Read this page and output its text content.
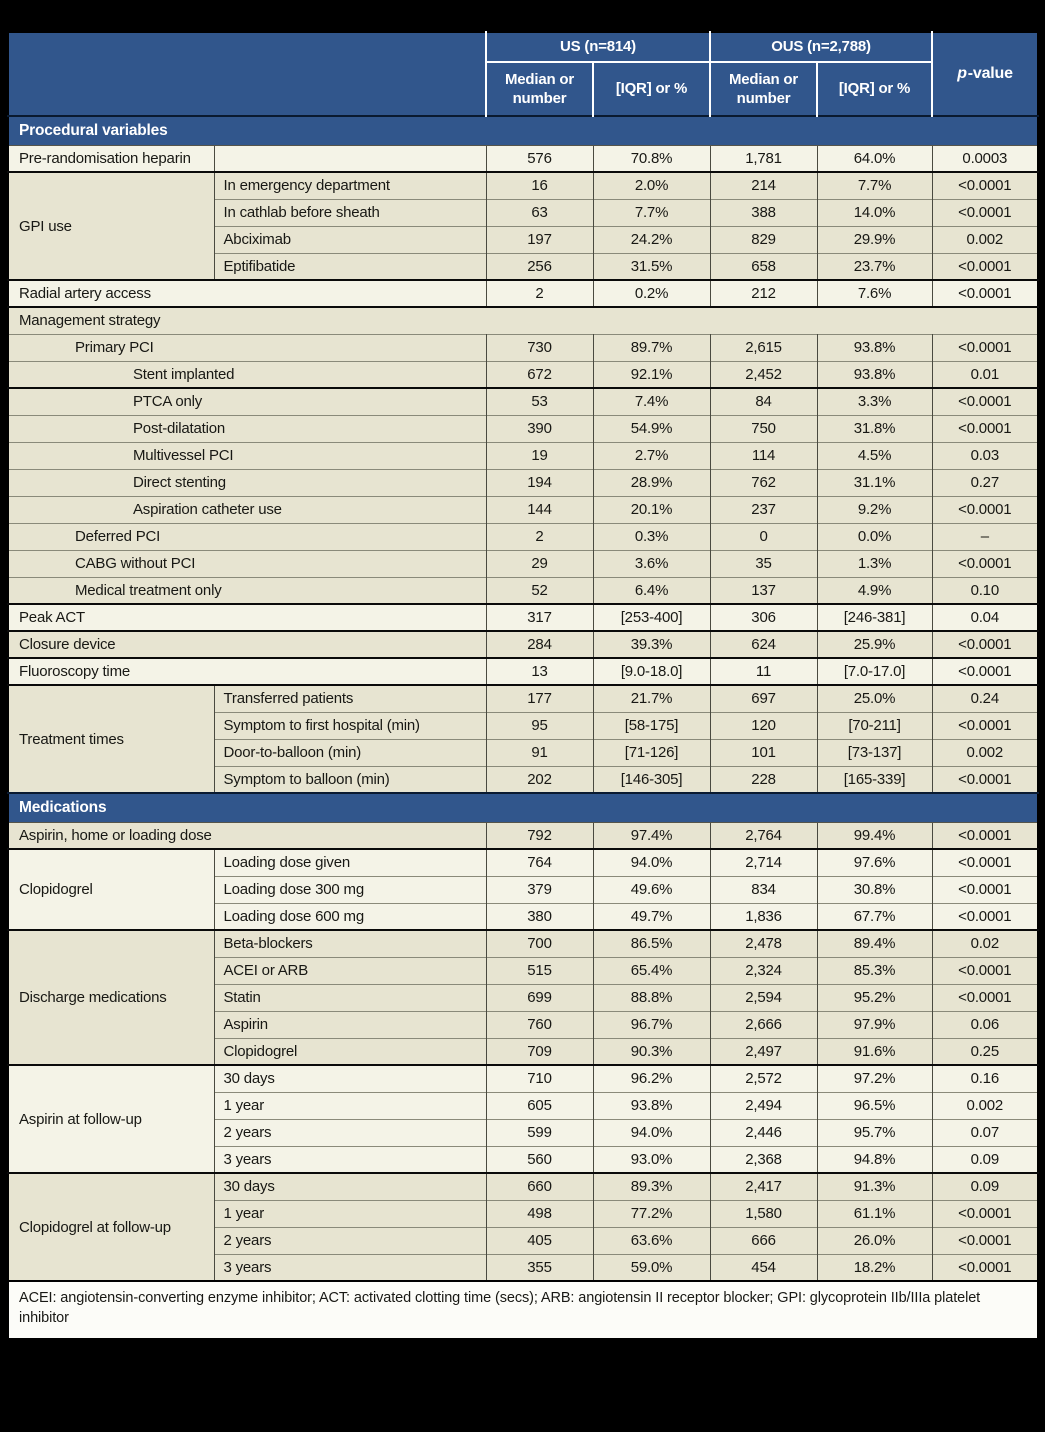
		US (n=814)		OUS (n=2,788)		p-value
		Median or number	[IQR] or %	Median or number	[IQR] or %	
Procedural variables						
Pre-randomisation heparin		576	70.8%	1,781	64.0%	0.0003
GPI use	In emergency department	16	2.0%	214	7.7%	<0.0001
	In cathlab before sheath	63	7.7%	388	14.0%	<0.0001
	Abciximab	197	24.2%	829	29.9%	0.002
	Eptifibatide	256	31.5%	658	23.7%	<0.0001
Radial artery access		2	0.2%	212	7.6%	<0.0001
Management strategy						
Primary PCI		730	89.7%	2,615	93.8%	<0.0001
Stent implanted		672	92.1%	2,452	93.8%	0.01
PTCA only		53	7.4%	84	3.3%	<0.0001
Post-dilatation		390	54.9%	750	31.8%	<0.0001
Multivessel PCI		19	2.7%	114	4.5%	0.03
Direct stenting		194	28.9%	762	31.1%	0.27
Aspiration catheter use		144	20.1%	237	9.2%	<0.0001
Deferred PCI		2	0.3%	0	0.0%	–
CABG without PCI		29	3.6%	35	1.3%	<0.0001
Medical treatment only		52	6.4%	137	4.9%	0.10
Peak ACT		317	[253-400]	306	[246-381]	0.04
Closure device		284	39.3%	624	25.9%	<0.0001
Fluoroscopy time		13	[9.0-18.0]	11	[7.0-17.0]	<0.0001
Treatment times	Transferred patients	177	21.7%	697	25.0%	0.24
	Symptom to first hospital (min)	95	[58-175]	120	[70-211]	<0.0001
	Door-to-balloon (min)	91	[71-126]	101	[73-137]	0.002
	Symptom to balloon (min)	202	[146-305]	228	[165-339]	<0.0001
Medications						
Aspirin, home or loading dose		792	97.4%	2,764	99.4%	<0.0001
Clopidogrel	Loading dose given	764	94.0%	2,714	97.6%	<0.0001
	Loading dose 300 mg	379	49.6%	834	30.8%	<0.0001
	Loading dose 600 mg	380	49.7%	1,836	67.7%	<0.0001
Discharge medications	Beta-blockers	700	86.5%	2,478	89.4%	0.02
	ACEI or ARB	515	65.4%	2,324	85.3%	<0.0001
	Statin	699	88.8%	2,594	95.2%	<0.0001
	Aspirin	760	96.7%	2,666	97.9%	0.06
	Clopidogrel	709	90.3%	2,497	91.6%	0.25
Aspirin at follow-up	30 days	710	96.2%	2,572	97.2%	0.16
	1 year	605	93.8%	2,494	96.5%	0.002
	2 years	599	94.0%	2,446	95.7%	0.07
	3 years	560	93.0%	2,368	94.8%	0.09
Clopidogrel at follow-up	30 days	660	89.3%	2,417	91.3%	0.09
	1 year	498	77.2%	1,580	61.1%	<0.0001
	2 years	405	63.6%	666	26.0%	<0.0001
	3 years	355	59.0%	454	18.2%	<0.0001
ACEI: angiotensin-converting enzyme inhibitor; ACT: activated clotting time (secs); ARB: angiotensin II receptor blocker; GPI: glycoprotein IIb/IIIa platelet inhibitor						
